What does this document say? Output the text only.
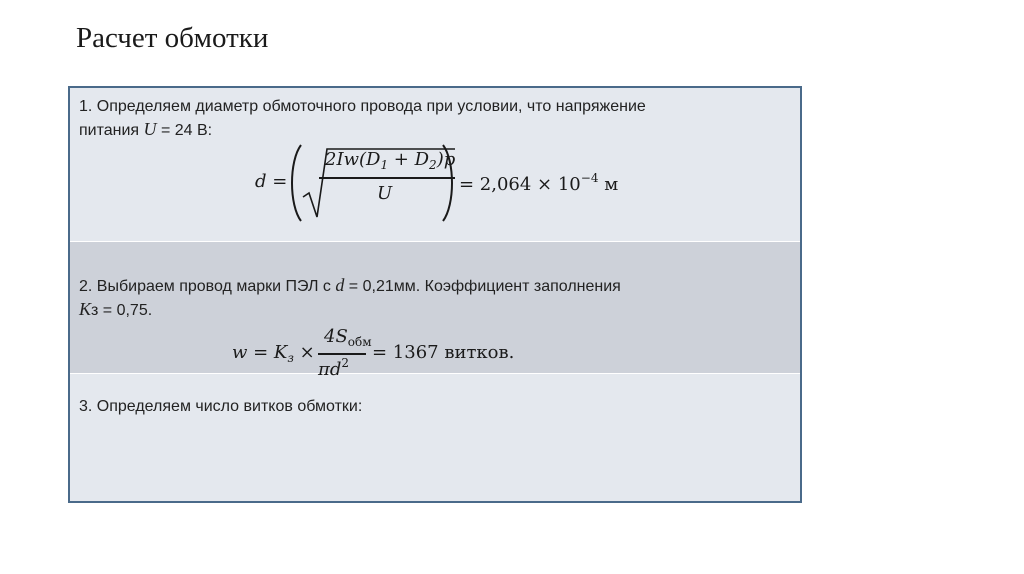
Расчет обмотки
1. Определяем диаметр обмоточного провода при условии, что напряжение
питания U = 24 В:
d =
$2Iw(D_1 + D_2)p$
U	= $2,064 \times 10^{-4}$ м
2. Выбираем провод марки ПЭЛ с d = 0,21мм. Коэффициент заполнения
Kз = 0,75.
3. Определяем число витков обмотки:
$w = K_з$ ×
$4S_{обм}$
$\pi d^2 = 1367$ витков.
